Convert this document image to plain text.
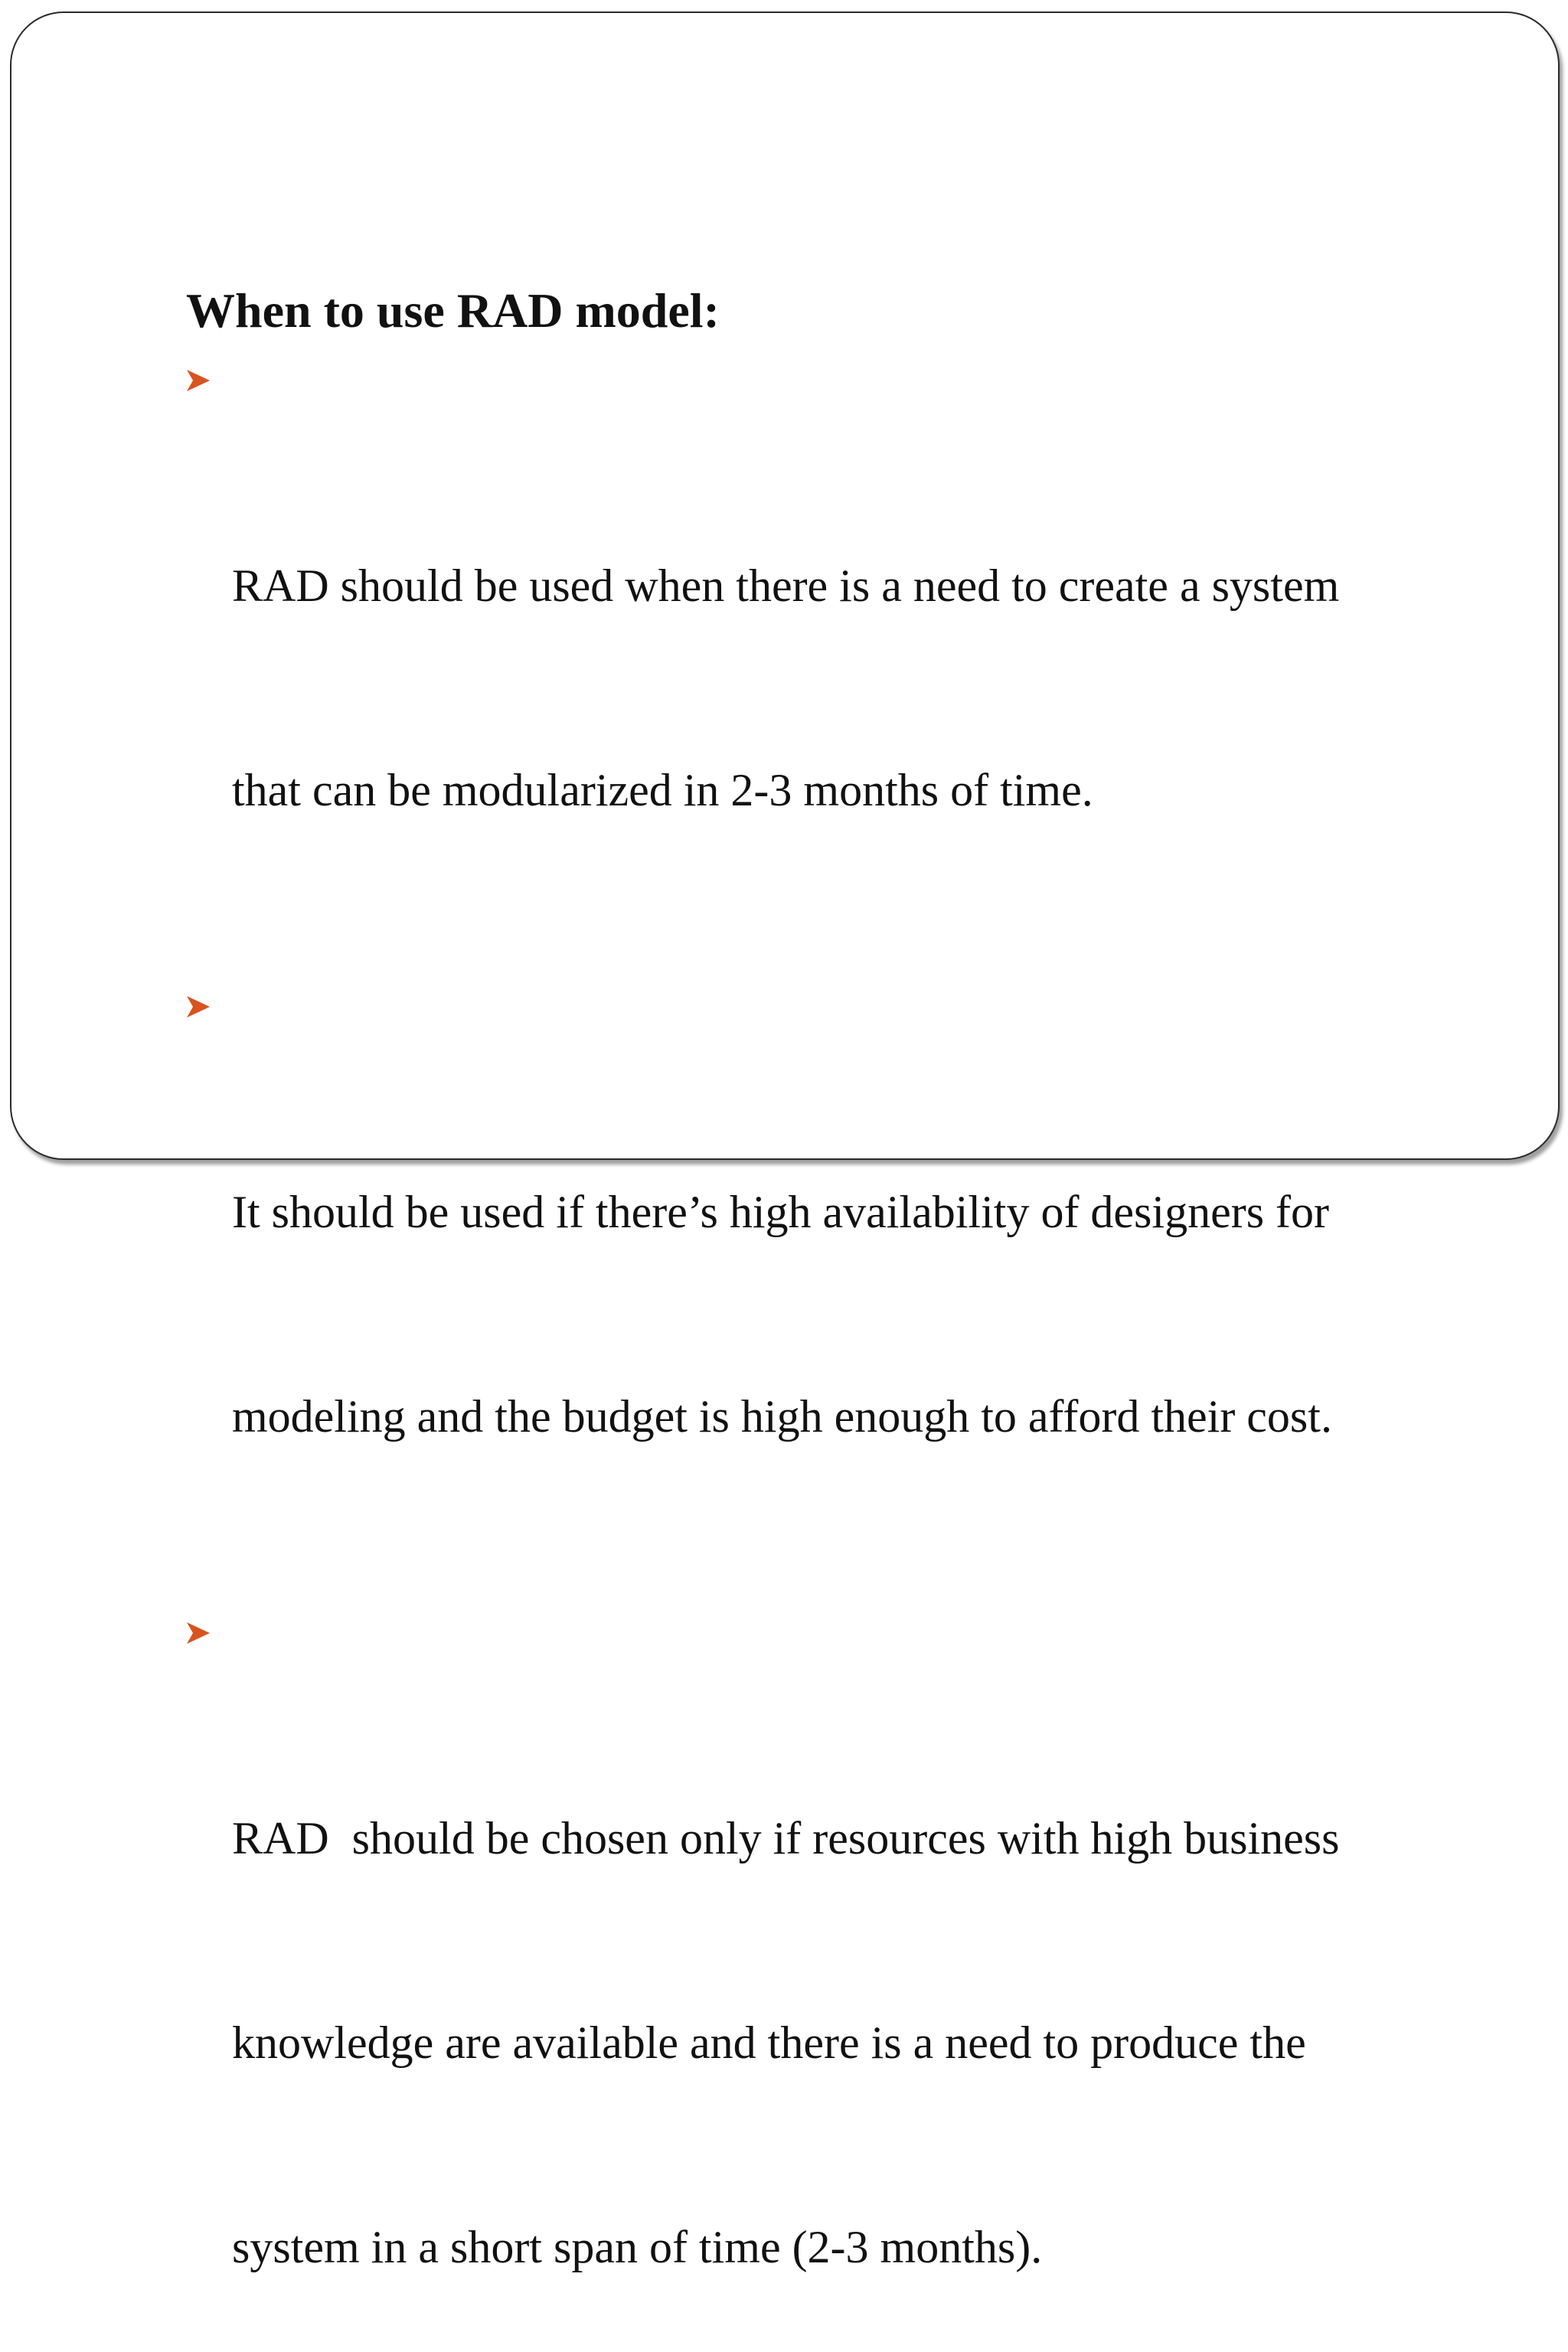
When to use RAD model:

RAD should be used when there is a need to create a system

that can be modularized in 2-3 months of time.

It should be used if there’s high availability of designers for

modeling and the budget is high enough to afford their cost.

RAD  should be chosen only if resources with high business

knowledge are available and there is a need to produce the

system in a short span of time (2-3 months).
